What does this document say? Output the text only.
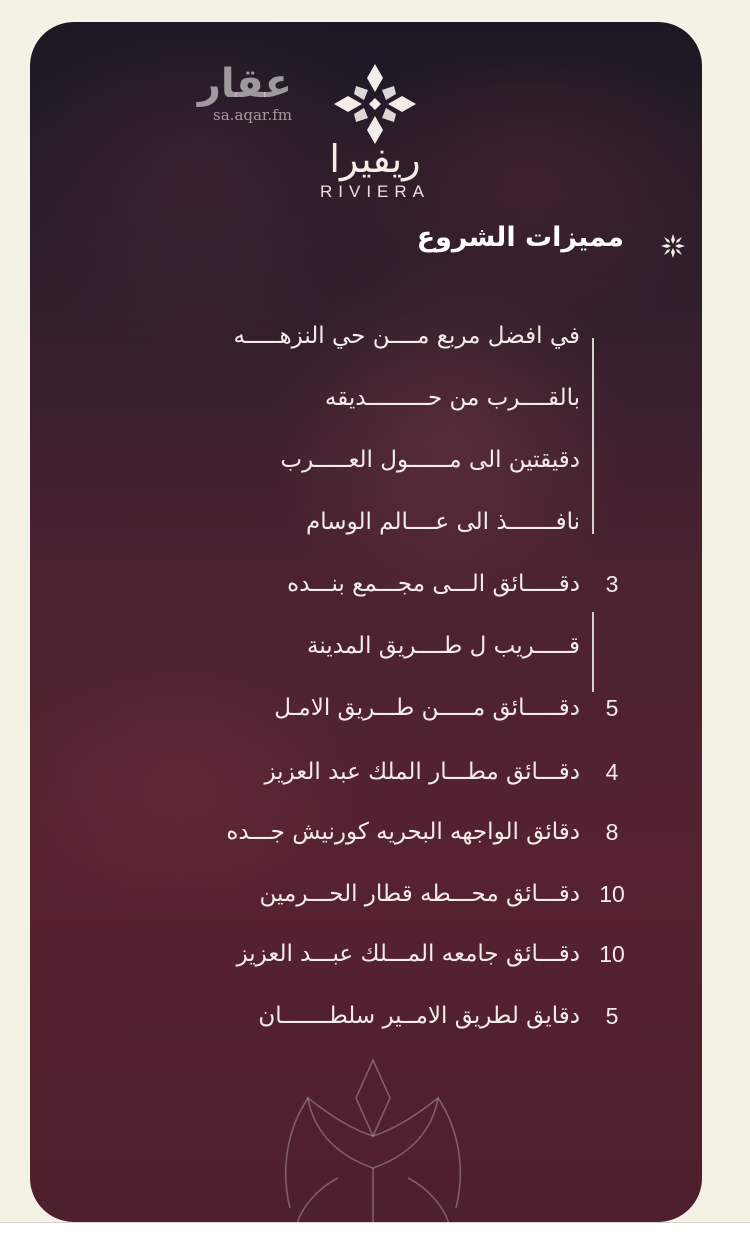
عقار
sa.aqar.fm
ريفيرا
RIVIERA
مميزات الشروع
في افضل مربع مــــن حي النزهـــــه
بالقــــرب من حـــــــــديقه
دقيقتين الى مــــــول العـــــرب
نافـــــــذ الى عــــالم الوسام
دقـــــائق الـــى مجـــمع بنـــده	3
قـــــريب ل طــــريق المدينة
دقـــــائق مـــــن طـــريق الامـل	5
دقـــائق مطـــار الملك عبد العزيز	4
دقائق الواجهه البحريه كورنيش جـــده	8
دقـــائق محـــطه قطار الحـــرمين 10
دقـــائق جامعه المـــلك عبـــد العزيز 10
دقايق لطريق الامــير سلطـــــــان	5
